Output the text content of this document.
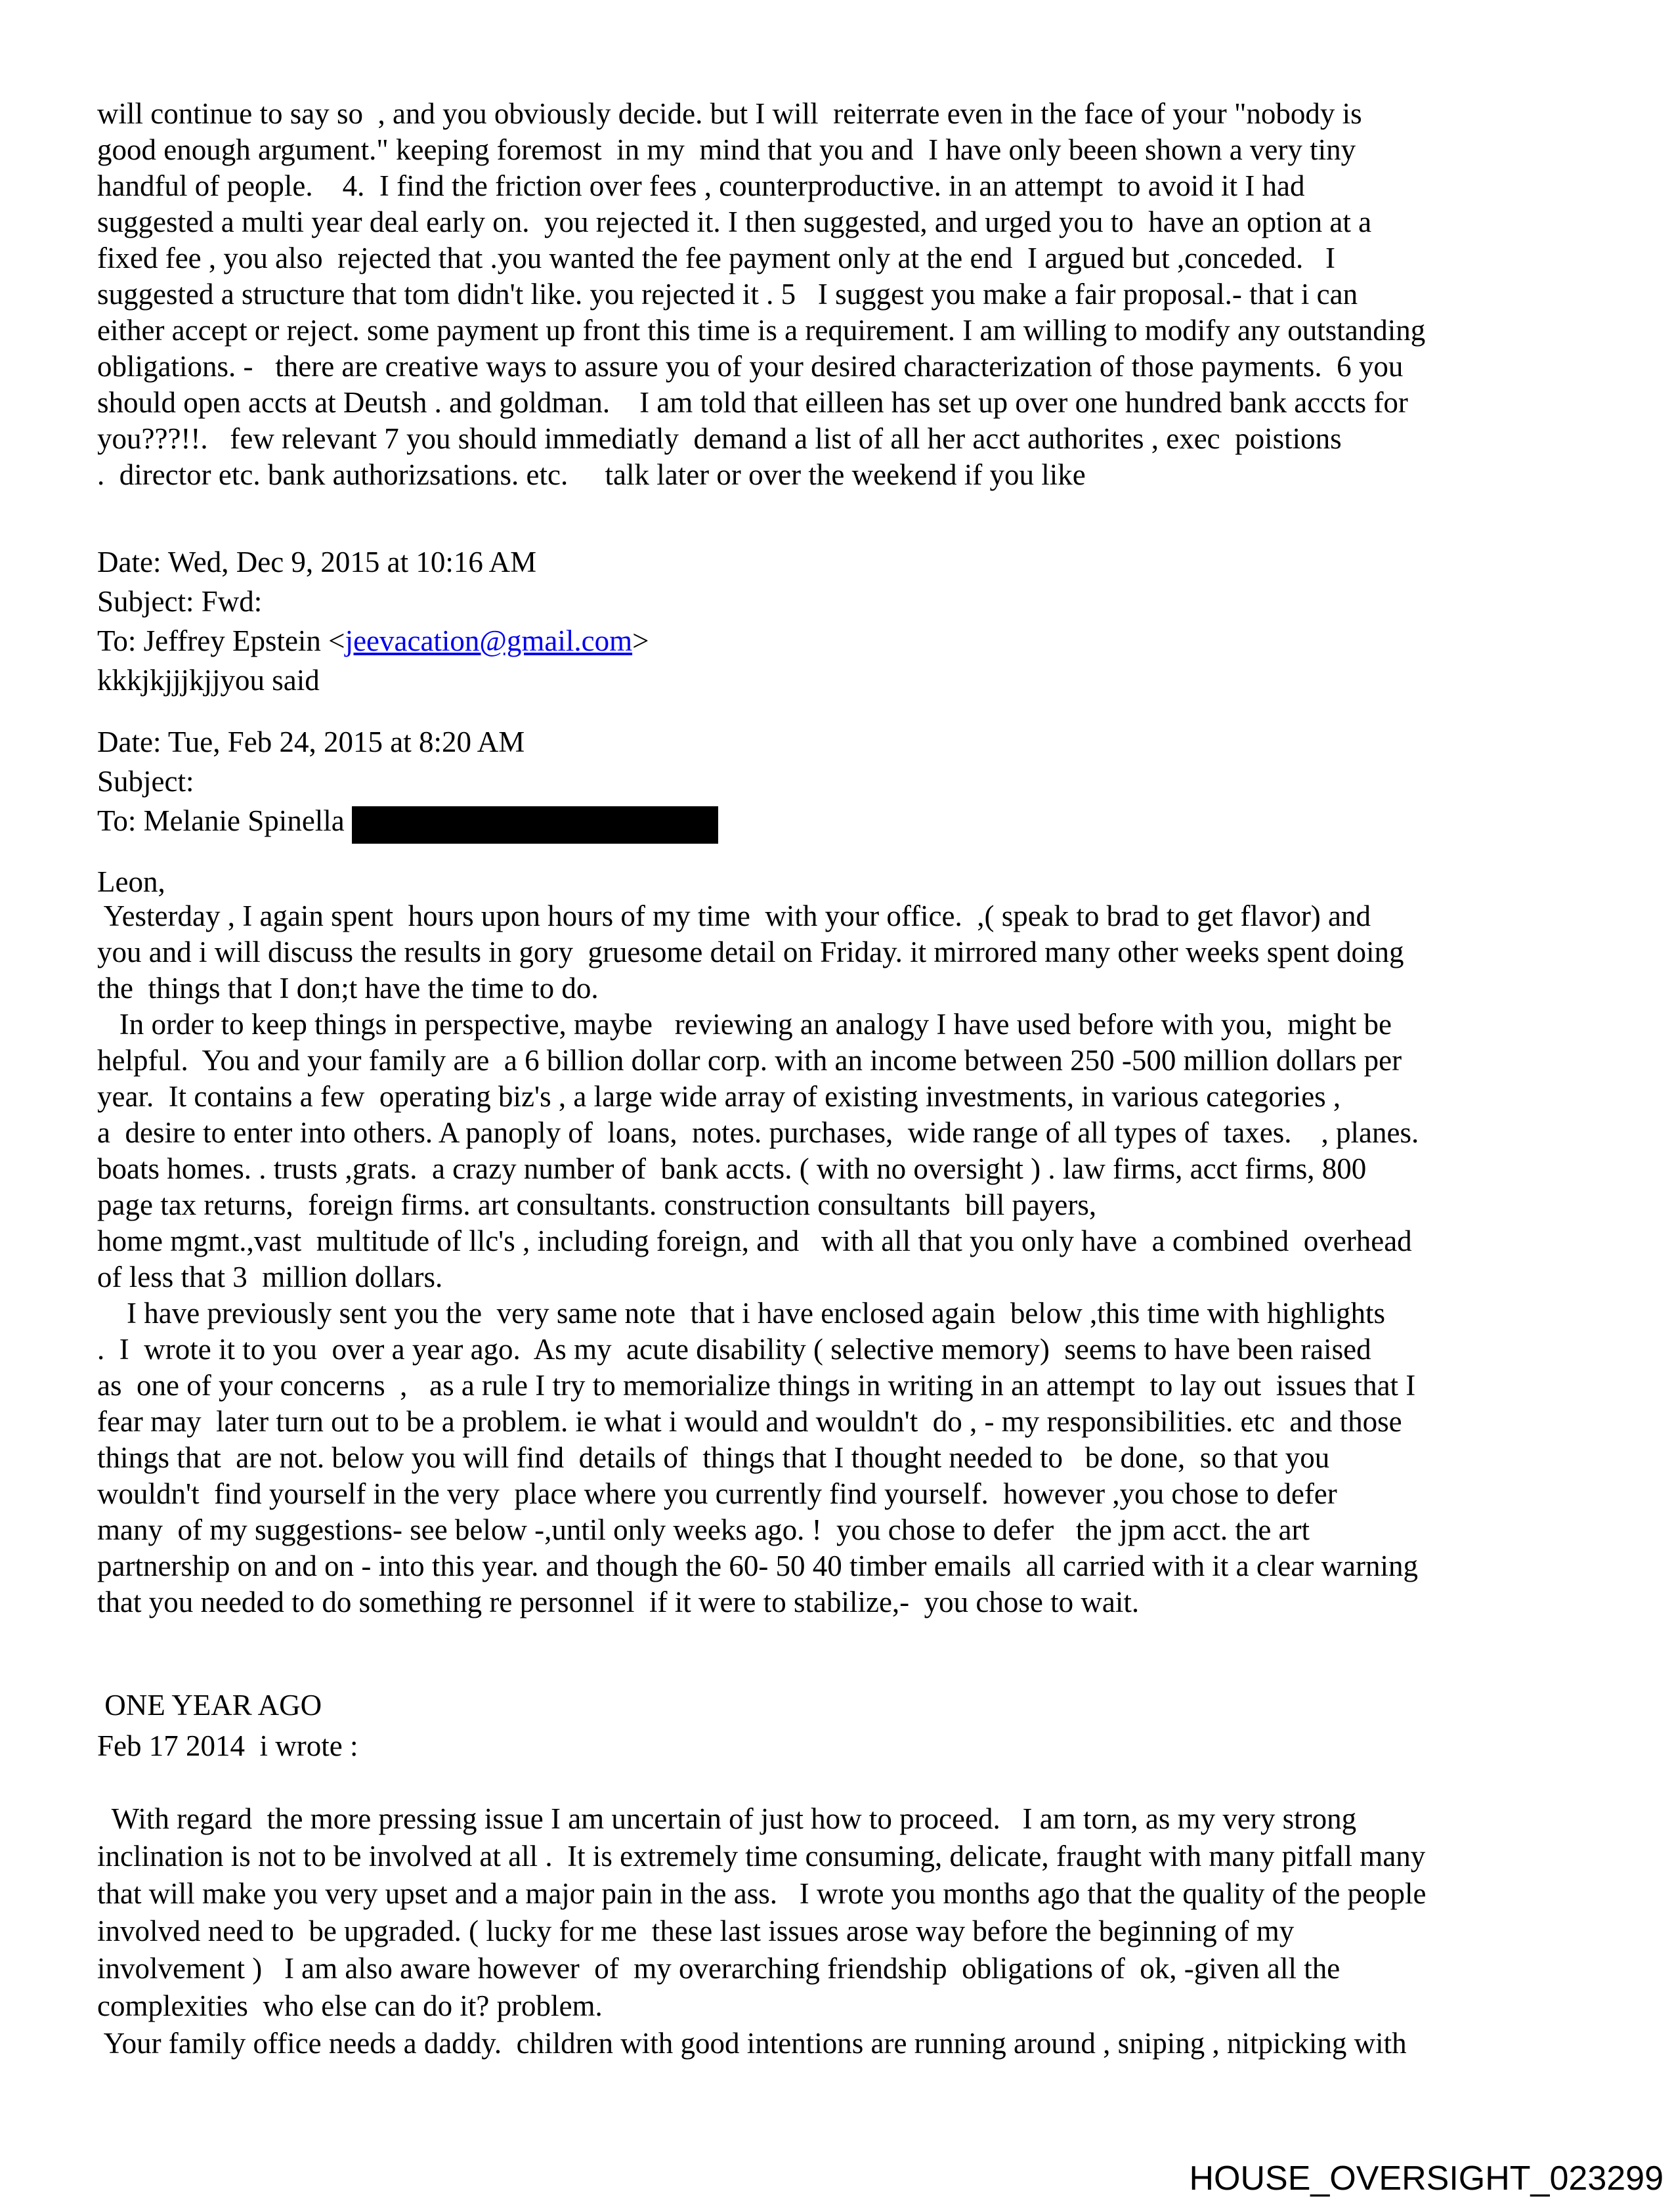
will continue to say so  , and you obviously decide. but I will  reiterrate even in the face of your "nobody is
good enough argument." keeping foremost  in my  mind that you and  I have only beeen shown a very tiny
handful of people.    4.  I find the friction over fees , counterproductive. in an attempt  to avoid it I had
suggested a multi year deal early on.  you rejected it. I then suggested, and urged you to  have an option at a
fixed fee , you also  rejected that .you wanted the fee payment only at the end  I argued but ,conceded.   I
suggested a structure that tom didn't like. you rejected it . 5   I suggest you make a fair proposal.- that i can
either accept or reject. some payment up front this time is a requirement. I am willing to modify any outstanding
obligations. -   there are creative ways to assure you of your desired characterization of those payments.  6 you
should open accts at Deutsh . and goldman.    I am told that eilleen has set up over one hundred bank acccts for
you???!!.   few relevant 7 you should immediatly  demand a list of all her acct authorites , exec  poistions
.  director etc. bank authorizsations. etc.     talk later or over the weekend if you like
Date: Wed, Dec 9, 2015 at 10:16 AM
Subject: Fwd:
To: Jeffrey Epstein <jeevacation@gmail.com>
kkkjkjjjkjjyou said
Date: Tue, Feb 24, 2015 at 8:20 AM
Subject:
To: Melanie Spinella
Leon,
Yesterday , I again spent  hours upon hours of my time  with your office.  ,( speak to brad to get flavor) and
you and i will discuss the results in gory  gruesome detail on Friday. it mirrored many other weeks spent doing
the  things that I don;t have the time to do.
In order to keep things in perspective, maybe   reviewing an analogy I have used before with you,  might be
helpful.  You and your family are  a 6 billion dollar corp. with an income between 250 -500 million dollars per
year.  It contains a few  operating biz's , a large wide array of existing investments, in various categories ,
a  desire to enter into others. A panoply of  loans,  notes. purchases,  wide range of all types of  taxes.    , planes.
boats homes. . trusts ,grats.  a crazy number of  bank accts. ( with no oversight ) . law firms, acct firms, 800
page tax returns,  foreign firms. art consultants. construction consultants  bill payers,
home mgmt.,vast  multitude of llc's , including foreign, and   with all that you only have  a combined  overhead
of less that 3  million dollars.
I have previously sent you the  very same note  that i have enclosed again  below ,this time with highlights
.  I  wrote it to you  over a year ago.  As my  acute disability ( selective memory)  seems to have been raised
as  one of your concerns  ,   as a rule I try to memorialize things in writing in an attempt  to lay out  issues that I
fear may  later turn out to be a problem. ie what i would and wouldn't  do , - my responsibilities. etc  and those
things that  are not. below you will find  details of  things that I thought needed to   be done,  so that you
wouldn't  find yourself in the very  place where you currently find yourself.  however ,you chose to defer
many  of my suggestions- see below -,until only weeks ago. !  you chose to defer   the jpm acct. the art
partnership on and on - into this year. and though the 60- 50 40 timber emails  all carried with it a clear warning
that you needed to do something re personnel  if it were to stabilize,-  you chose to wait.
ONE YEAR AGO
Feb 17 2014  i wrote :
With regard  the more pressing issue I am uncertain of just how to proceed.   I am torn, as my very strong
inclination is not to be involved at all .  It is extremely time consuming, delicate, fraught with many pitfall many
that will make you very upset and a major pain in the ass.   I wrote you months ago that the quality of the people
involved need to  be upgraded. ( lucky for me  these last issues arose way before the beginning of my
involvement )   I am also aware however  of  my overarching friendship  obligations of  ok, -given all the
complexities  who else can do it? problem.
Your family office needs a daddy.  children with good intentions are running around , sniping , nitpicking with
HOUSE_OVERSIGHT_023299
